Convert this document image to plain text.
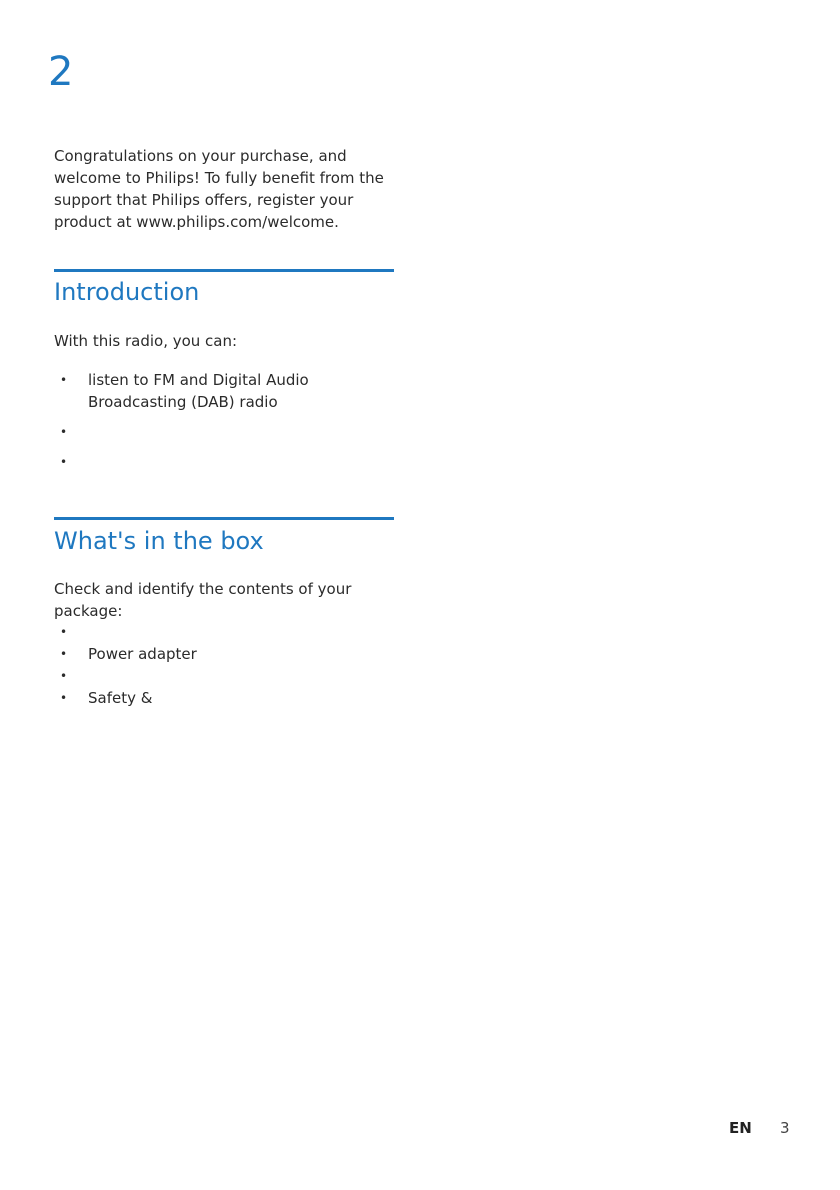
2

Congratulations on your purchase, and welcome to Philips! To fully benefit from the support that Philips offers, register your product at www.philips.com/welcome.

Introduction

With this radio, you can:

• listen to FM and Digital Audio Broadcasting (DAB) radio
•
•
What's in the box

Check and identify the contents of your package:

•
• Power adapter
•
• Safety &
EN 3
